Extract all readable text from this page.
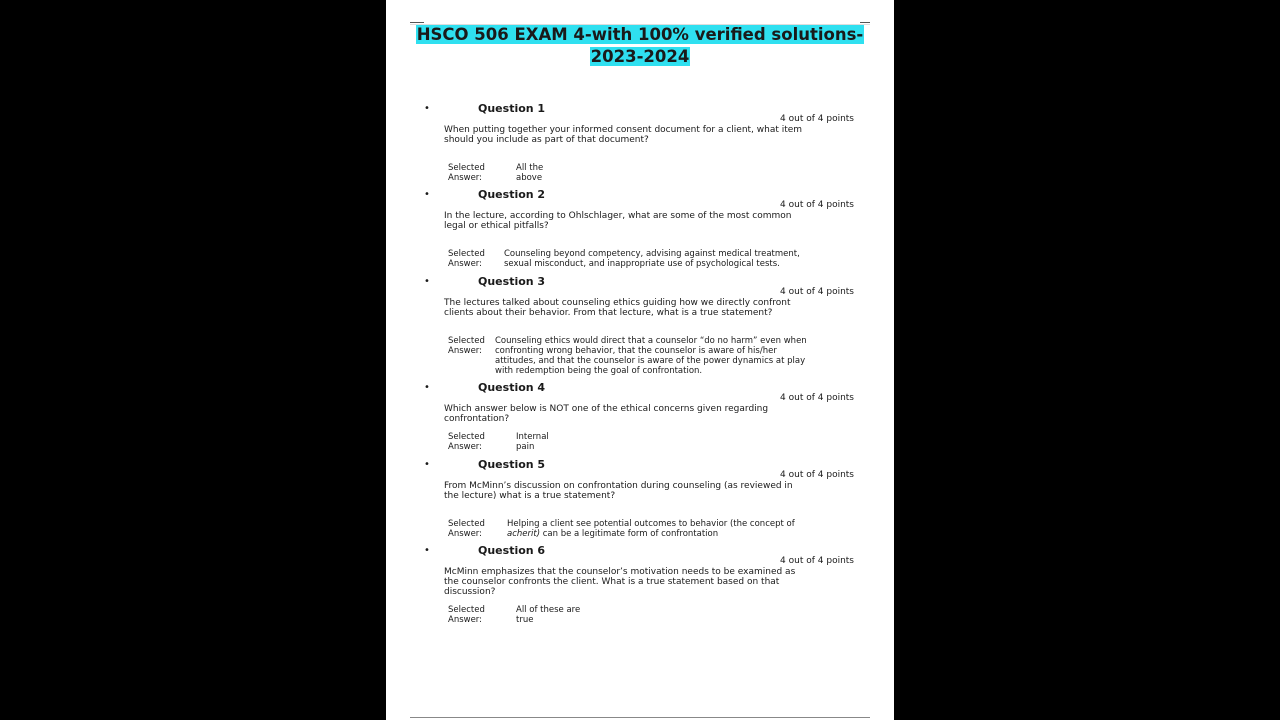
HSCO 506 EXAM 4-with 100% verified solutions-
2023-2024
•	Question 1
4 out of 4 points
When putting together your informed consent document for a client, what item should you include as part of that document?
Selected
Answer:
All the above
•	Question 2
4 out of 4 points
In the lecture, according to Ohlschlager, what are some of the most common legal or ethical pitfalls?
Selected
Answer:
Counseling beyond competency, advising against medical treatment, sexual misconduct, and inappropriate use of psychological tests.
•	Question 3
4 out of 4 points
The lectures talked about counseling ethics guiding how we directly confront clients about their behavior. From that lecture, what is a true statement?
Selected
Answer:
Counseling ethics would direct that a counselor “do no harm” even when confronting wrong behavior, that the counselor is aware of his/her attitudes, and that the counselor is aware of the power dynamics at play with redemption being the goal of confrontation.
•	Question 4
4 out of 4 points
Which answer below is NOT one of the ethical concerns given regarding confrontation?
Selected
Answer:
Internal pain
•	Question 5
4 out of 4 points
From McMinn’s discussion on confrontation during counseling (as reviewed in the lecture) what is a true statement?
Selected
Answer:
Helping a client see potential outcomes to behavior (the concept of acherit) can be a legitimate form of confrontation
•	Question 6
4 out of 4 points
McMinn emphasizes that the counselor’s motivation needs to be examined as the counselor confronts the client. What is a true statement based on that discussion?
Selected
Answer:
All of these are true
